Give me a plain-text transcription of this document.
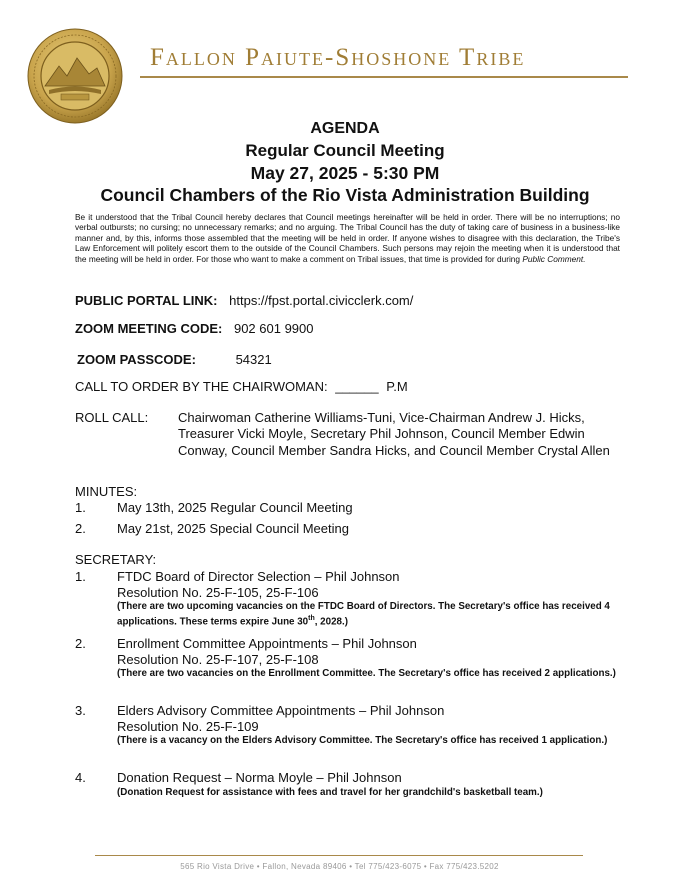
Fallon Paiute-Shoshone Tribe
AGENDA
Regular Council Meeting
May 27, 2025 - 5:30 PM
Council Chambers of the Rio Vista Administration Building
Be it understood that the Tribal Council hereby declares that Council meetings hereinafter will be held in order. There will be no interruptions; no verbal outbursts; no cursing; no unnecessary remarks; and no arguing. The Tribal Council has the duty of taking care of business in a business-like manner and, by this, informs those assembled that the meeting will be held in order. If anyone wishes to disagree with this declaration, the Tribe's Law Enforcement will politely escort them to the outside of the Council Chambers. Such persons may rejoin the meeting when it is understood that the meeting will be held in order. For those who want to make a comment on Tribal issues, that time is provided for during Public Comment.
PUBLIC PORTAL LINK: https://fpst.portal.civicclerk.com/
ZOOM MEETING CODE: 902 601 9900
ZOOM PASSCODE:	54321
CALL TO ORDER BY THE CHAIRWOMAN: ______ P.M
ROLL CALL: Chairwoman Catherine Williams-Tuni, Vice-Chairman Andrew J. Hicks, Treasurer Vicki Moyle, Secretary Phil Johnson, Council Member Edwin Conway, Council Member Sandra Hicks, and Council Member Crystal Allen
MINUTES:
1. May 13th, 2025 Regular Council Meeting
2. May 21st, 2025 Special Council Meeting
SECRETARY:
1. FTDC Board of Director Selection – Phil Johnson
Resolution No. 25-F-105, 25-F-106
(There are two upcoming vacancies on the FTDC Board of Directors. The Secretary's office has received 4 applications. These terms expire June 30th, 2028.)
2. Enrollment Committee Appointments – Phil Johnson
Resolution No. 25-F-107, 25-F-108
(There are two vacancies on the Enrollment Committee. The Secretary's office has received 2 applications.)
3. Elders Advisory Committee Appointments – Phil Johnson
Resolution No. 25-F-109
(There is a vacancy on the Elders Advisory Committee. The Secretary's office has received 1 application.)
4. Donation Request – Norma Moyle – Phil Johnson
(Donation Request for assistance with fees and travel for her grandchild's basketball team.)
565 Rio Vista Drive • Fallon, Nevada 89406 • Tel 775/423-6075 • Fax 775/423.5202
